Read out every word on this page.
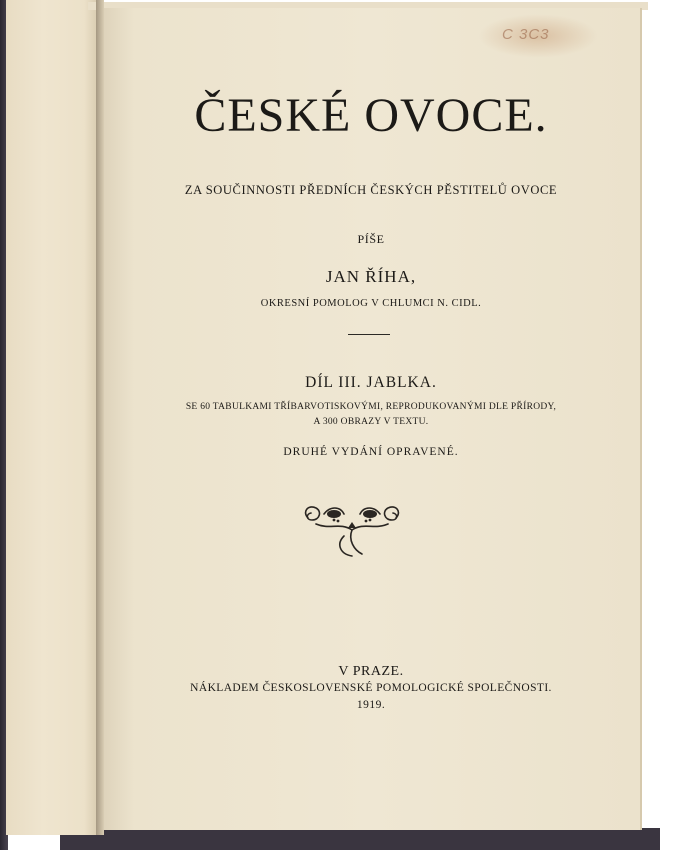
C 3C3
ČESKÉ OVOCE.

ZA SOUČINNOSTI PŘEDNÍCH ČESKÝCH PĚSTITELŮ OVOCE

PÍŠE

JAN ŘÍHA,

OKRESNÍ POMOLOG V CHLUMCI N. CIDL.

DÍL III. JABLKA.

SE 60 TABULKAMI TŘÍBARVOTISKOVÝMI, REPRODUKOVANÝMI DLE PŘÍRODY,

A 300 OBRAZY V TEXTU.

DRUHÉ VYDÁNÍ OPRAVENÉ.

V PRAZE.

NÁKLADEM ČESKOSLOVENSKÉ POMOLOGICKÉ SPOLEČNOSTI.

1919.
